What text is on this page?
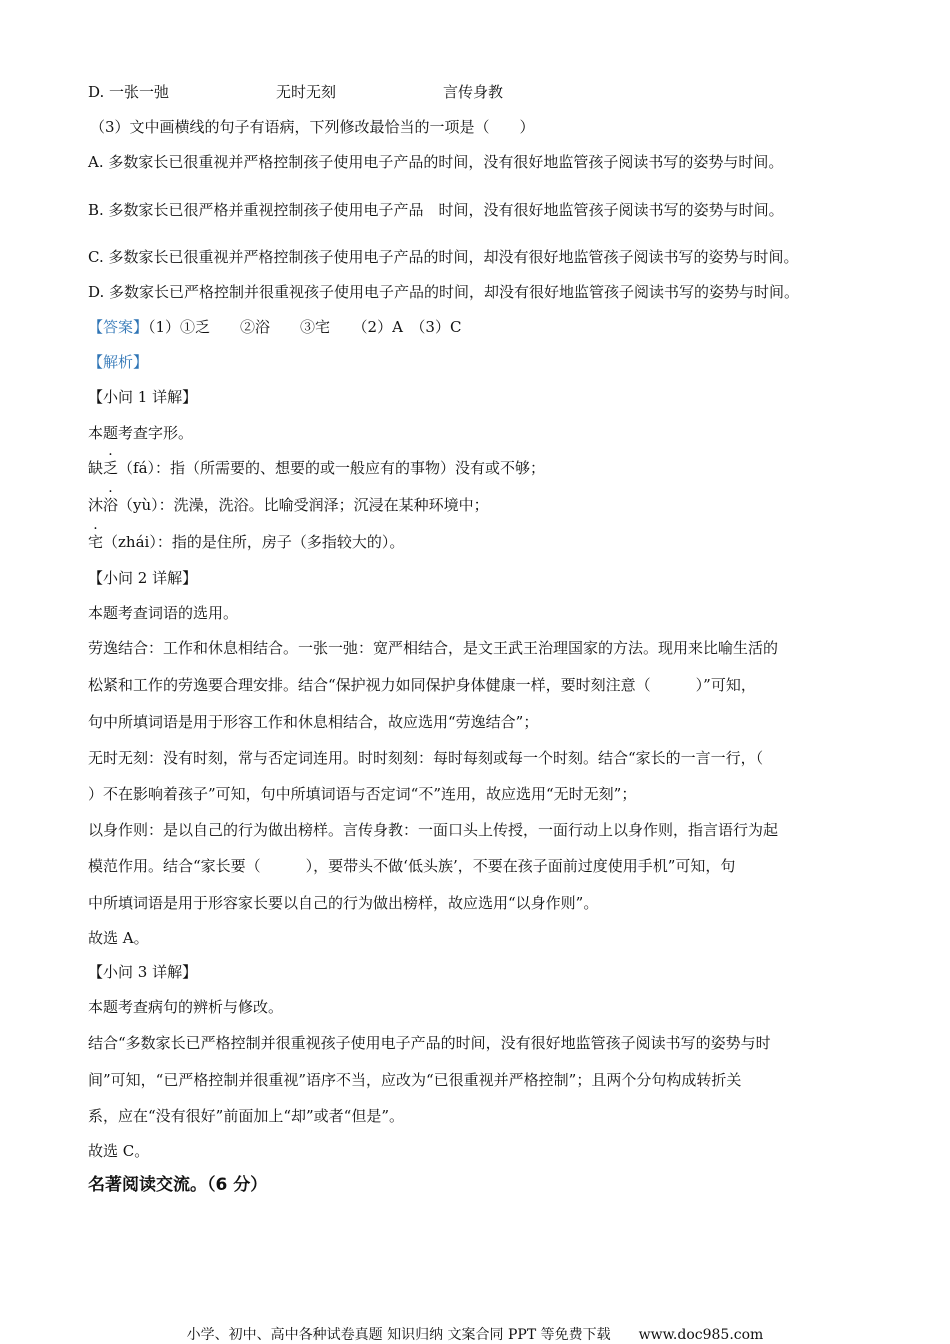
D. 一张一弛	无时无刻	言传身教
（3）文中画横线的句子有语病，下列修改最恰当的一项是（　　）
A. 多数家长已很重视并严格控制孩子使用电子产品的时间，没有很好地监管孩子阅读书写的姿势与时间。
B. 多数家长已很严格并重视控制孩子使用电子产品　时间，没有很好地监管孩子阅读书写的姿势与时间。
C. 多数家长已很重视并严格控制孩子使用电子产品的时间，却没有很好地监管孩子阅读书写的姿势与时间。
D. 多数家长已严格控制并很重视孩子使用电子产品的时间，却没有很好地监管孩子阅读书写的姿势与时间。
【答案】（1）①乏　　②浴　　③宅　　（2）A　（3）C
【解析】
【小问 1 详解】
本题考查字形。
缺乏（fá）：指（所需要的、想要的或一般应有的事物）没有或不够；
沐浴（yù）：洗澡，洗浴。比喻受润泽；沉浸在某种环境中；
宅（zhái）：指的是住所，房子（多指较大的）。
【小问 2 详解】
本题考查词语的选用。
劳逸结合：工作和休息相结合。一张一弛：宽严相结合，是文王武王治理国家的方法。现用来比喻生活的
松紧和工作的劳逸要合理安排。结合“保护视力如同保护身体健康一样，要时刻注意（　　　）”可知，
句中所填词语是用于形容工作和休息相结合，故应选用“劳逸结合”；
无时无刻：没有时刻，常与否定词连用。时时刻刻：每时每刻或每一个时刻。结合“家长的一言一行，（
）不在影响着孩子”可知，句中所填词语与否定词“不”连用，故应选用“无时无刻”；
以身作则：是以自己的行为做出榜样。言传身教：一面口头上传授，一面行动上以身作则，指言语行为起
模范作用。结合“家长要（　　　），要带头不做‘低头族’，不要在孩子面前过度使用手机”可知，句
中所填词语是用于形容家长要以自己的行为做出榜样，故应选用“以身作则”。
故选 A。
【小问 3 详解】
本题考查病句的辨析与修改。
结合“多数家长已严格控制并很重视孩子使用电子产品的时间，没有很好地监管孩子阅读书写的姿势与时
间”可知，“已严格控制并很重视”语序不当，应改为“已很重视并严格控制”；且两个分句构成转折关
系，应在“没有很好”前面加上“却”或者“但是”。
故选 C。
名著阅读交流。（6 分）
小学、初中、高中各种试卷真题 知识归纳 文案合同 PPT 等免费下载　　www.doc985.com
